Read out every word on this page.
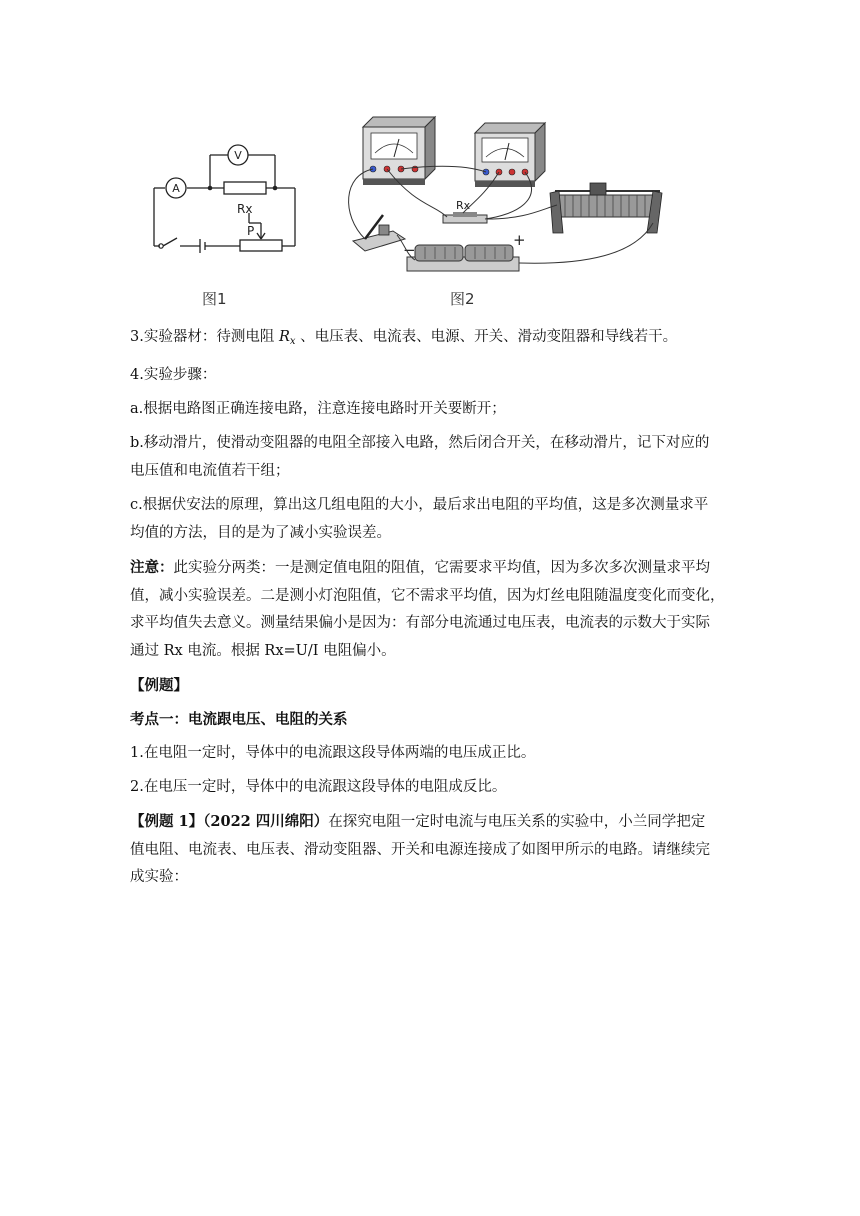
V
A
Rx
P
图1
Rx
−
+
图2

3.实验器材：待测电阻 $R_x$ 、电压表、电流表、电源、开关、滑动变阻器和导线若干。

4.实验步骤：

a.根据电路图正确连接电路，注意连接电路时开关要断开；

b.移动滑片，使滑动变阻器的电阻全部接入电路，然后闭合开关，在移动滑片，记下对应的

电压值和电流值若干组；

c.根据伏安法的原理，算出这几组电阻的大小，最后求出电阻的平均值，这是多次测量求平

均值的方法，目的是为了减小实验误差。

注意：此实验分两类：一是测定值电阻的阻值，它需要求平均值，因为多次多次测量求平均

值，减小实验误差。二是测小灯泡阻值，它不需求平均值，因为灯丝电阻随温度变化而变化，

求平均值失去意义。测量结果偏小是因为：有部分电流通过电压表，电流表的示数大于实际

通过 Rx 电流。根据 Rx=U/I 电阻偏小。

【例题】

考点一：电流跟电压、电阻的关系

1.在电阻一定时，导体中的电流跟这段导体两端的电压成正比。

2.在电压一定时，导体中的电流跟这段导体的电阻成反比。

【例题 1】（2022 四川绵阳）在探究电阻一定时电流与电压关系的实验中，小兰同学把定

值电阻、电流表、电压表、滑动变阻器、开关和电源连接成了如图甲所示的电路。请继续完

成实验：
